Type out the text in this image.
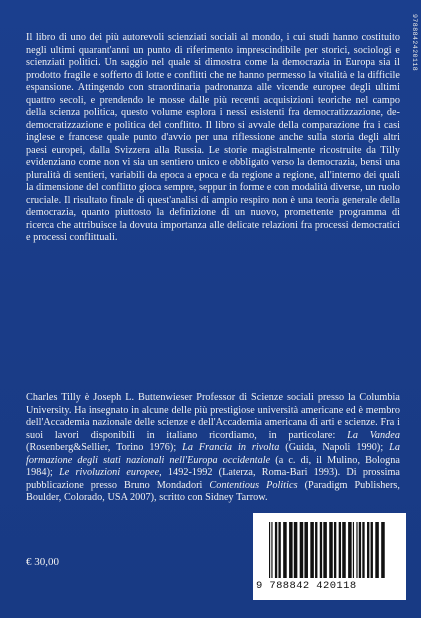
9788842420118

Il libro di uno dei più autorevoli scienziati sociali al mondo, i cui studi hanno costituito negli ultimi quarant'anni un punto di riferimento imprescindibile per storici, sociologi e scienziati politici. Un saggio nel quale si dimostra come la democrazia in Europa sia il prodotto fragile e sofferto di lotte e conflitti che ne hanno permesso la vitalità e la difficile espansione. Attingendo con straordinaria padronanza alle vicende europee degli ultimi quattro secoli, e prendendo le mosse dalle più recenti acquisizioni teoriche nel campo della scienza politica, questo volume esplora i nessi esistenti fra democratizzazione, de-democratizzazione e politica del conflitto. Il libro si avvale della comparazione fra i casi inglese e francese quale punto d'avvio per una riflessione anche sulla storia degli altri paesi europei, dalla Svizzera alla Russia. Le storie magistralmente ricostruite da Tilly evidenziano come non vi sia un sentiero unico e obbligato verso la democrazia, bensì una pluralità di sentieri, variabili da epoca a epoca e da regione a regione, all'interno dei quali la dimensione del conflitto gioca sempre, seppur in forme e con modalità diverse, un ruolo cruciale. Il risultato finale di quest'analisi di ampio respiro non è una teoria generale della democrazia, quanto piuttosto la definizione di un nuovo, promettente programma di ricerca che attribuisce la dovuta importanza alle delicate relazioni fra processi democratici e processi conflittuali.

Charles Tilly è Joseph L. Buttenwieser Professor di Scienze sociali presso la Columbia University. Ha insegnato in alcune delle più prestigiose università americane ed è membro dell'Accademia nazionale delle scienze e dell'Accademia americana di arti e scienze. Fra i suoi lavori disponibili in italiano ricordiamo, in particolare: La Vandea (Rosenberg&Sellier, Torino 1976); La Francia in rivolta (Guida, Napoli 1990); La formazione degli stati nazionali nell'Europa occidentale (a c. di, il Mulino, Bologna 1984); Le rivoluzioni europee, 1492-1992 (Laterza, Roma-Bari 1993). Di prossima pubblicazione presso Bruno Mondadori Contentious Politics (Paradigm Publishers, Boulder, Colorado, USA 2007), scritto con Sidney Tarrow.

€ 30,00
9 788842 420118
